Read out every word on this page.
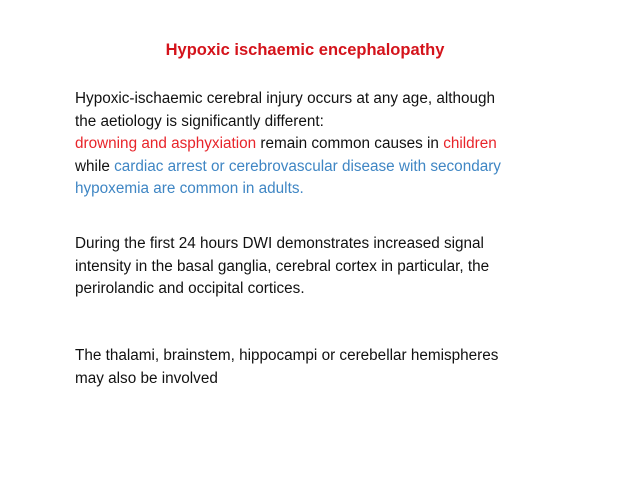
Hypoxic ischaemic encephalopathy
Hypoxic-ischaemic cerebral injury occurs at any age, although
the aetiology is significantly different:
drowning and asphyxiation remain common causes in children
while cardiac arrest or cerebrovascular disease with secondary
hypoxemia are common in adults.
During the first 24 hours DWI demonstrates increased signal
intensity in the basal ganglia, cerebral cortex in particular, the
perirolandic and occipital cortices.
The thalami, brainstem, hippocampi or cerebellar hemispheres
may also be involved
